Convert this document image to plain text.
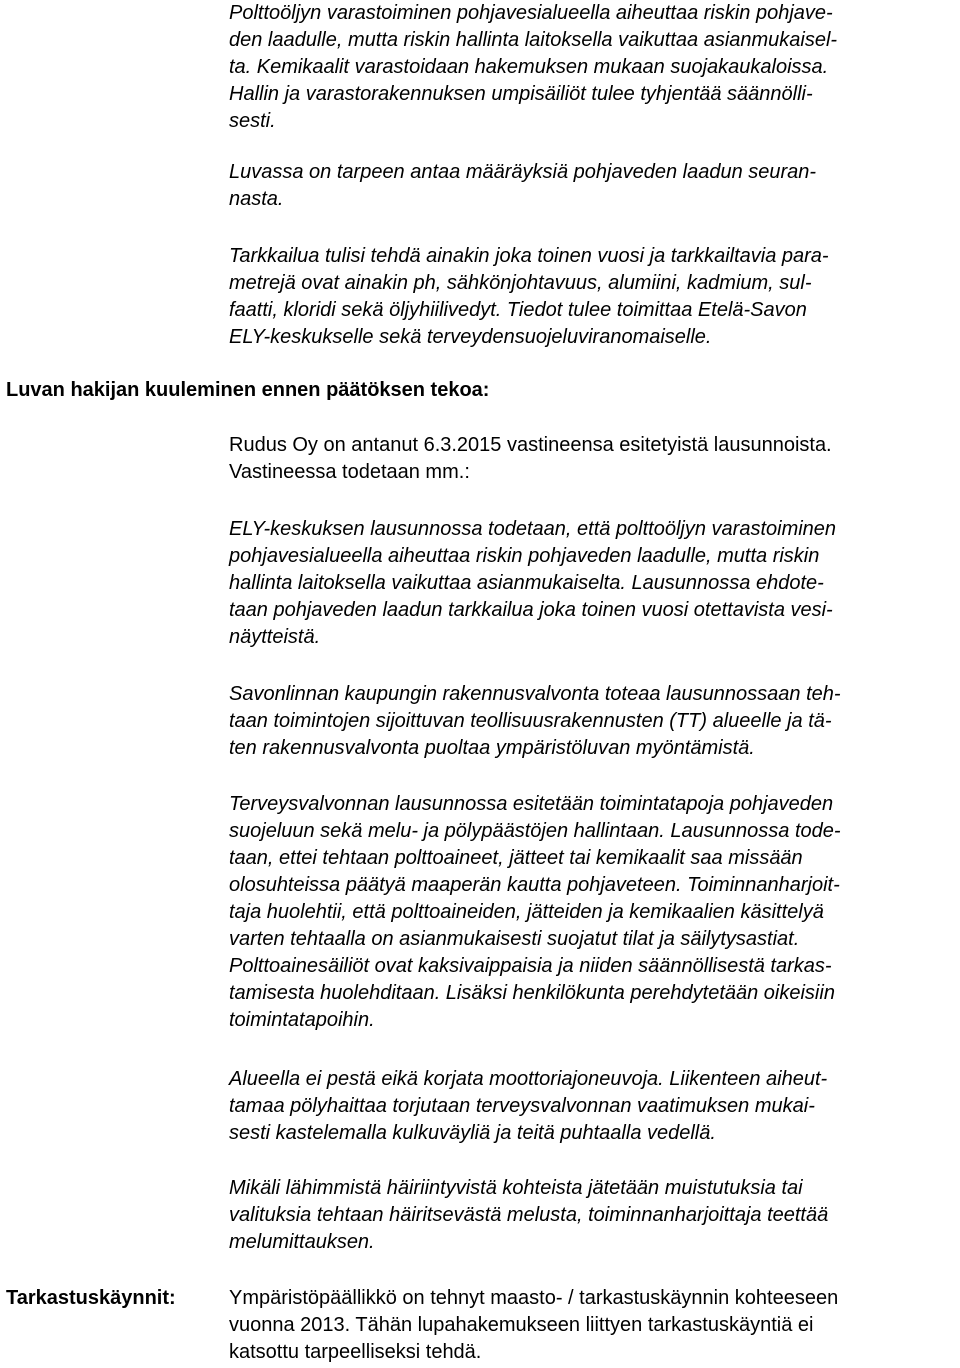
Polttoöljyn varastoiminen pohjavesialueella aiheuttaa riskin pohjave-
den laadulle, mutta riskin hallinta laitoksella vaikuttaa asianmukaisel-
ta. Kemikaalit varastoidaan hakemuksen mukaan suojakaukaloissa.
Hallin ja varastorakennuksen umpisäiliöt tulee tyhjentää säännölli-
sesti.

Luvassa on tarpeen antaa määräyksiä pohjaveden laadun seuran-
nasta.

Tarkkailua tulisi tehdä ainakin joka toinen vuosi ja tarkkailtavia para-
metrejä ovat ainakin ph, sähkönjohtavuus, alumiini, kadmium, sul-
faatti, kloridi sekä öljyhiilivedyt. Tiedot tulee toimittaa Etelä-Savon
ELY-keskukselle sekä terveydensuojeluviranomaiselle.

Luvan hakijan kuuleminen ennen päätöksen tekoa:

Rudus Oy on antanut 6.3.2015 vastineensa esitetyistä lausunnoista.
Vastineessa todetaan mm.:

ELY-keskuksen lausunnossa todetaan, että polttoöljyn varastoiminen
pohjavesialueella aiheuttaa riskin pohjaveden laadulle, mutta riskin
hallinta laitoksella vaikuttaa asianmukaiselta. Lausunnossa ehdote-
taan pohjaveden laadun tarkkailua joka toinen vuosi otettavista vesi-
näytteistä.

Savonlinnan kaupungin rakennusvalvonta toteaa lausunnossaan teh-
taan toimintojen sijoittuvan teollisuusrakennusten (TT) alueelle ja tä-
ten rakennusvalvonta puoltaa ympäristöluvan myöntämistä.

Terveysvalvonnan lausunnossa esitetään toimintatapoja pohjaveden
suojeluun sekä melu- ja pölypäästöjen hallintaan. Lausunnossa tode-
taan, ettei tehtaan polttoaineet, jätteet tai kemikaalit saa missään
olosuhteissa päätyä maaperän kautta pohjaveteen. Toiminnanharjoit-
taja huolehtii, että polttoaineiden, jätteiden ja kemikaalien käsittelyä
varten tehtaalla on asianmukaisesti suojatut tilat ja säilytysastiat.
Polttoainesäiliöt ovat kaksivaippaisia ja niiden säännöllisestä tarkas-
tamisesta huolehditaan. Lisäksi henkilökunta perehdytetään oikeisiin
toimintatapoihin.

Alueella ei pestä eikä korjata moottoriajoneuvoja. Liikenteen aiheut-
tamaa pölyhaittaa torjutaan terveysvalvonnan vaatimuksen mukai-
sesti kastelemalla kulkuväyliä ja teitä puhtaalla vedellä.

Mikäli lähimmistä häiriintyvistä kohteista jätetään muistutuksia tai
valituksia tehtaan häiritsevästä melusta, toiminnanharjoittaja teettää
melumittauksen.

Tarkastuskäynnit:	Ympäristöpäällikkö on tehnyt maasto- / tarkastuskäynnin kohteeseen
vuonna 2013. Tähän lupahakemukseen liittyen tarkastuskäyntiä ei
katsottu tarpeelliseksi tehdä.
